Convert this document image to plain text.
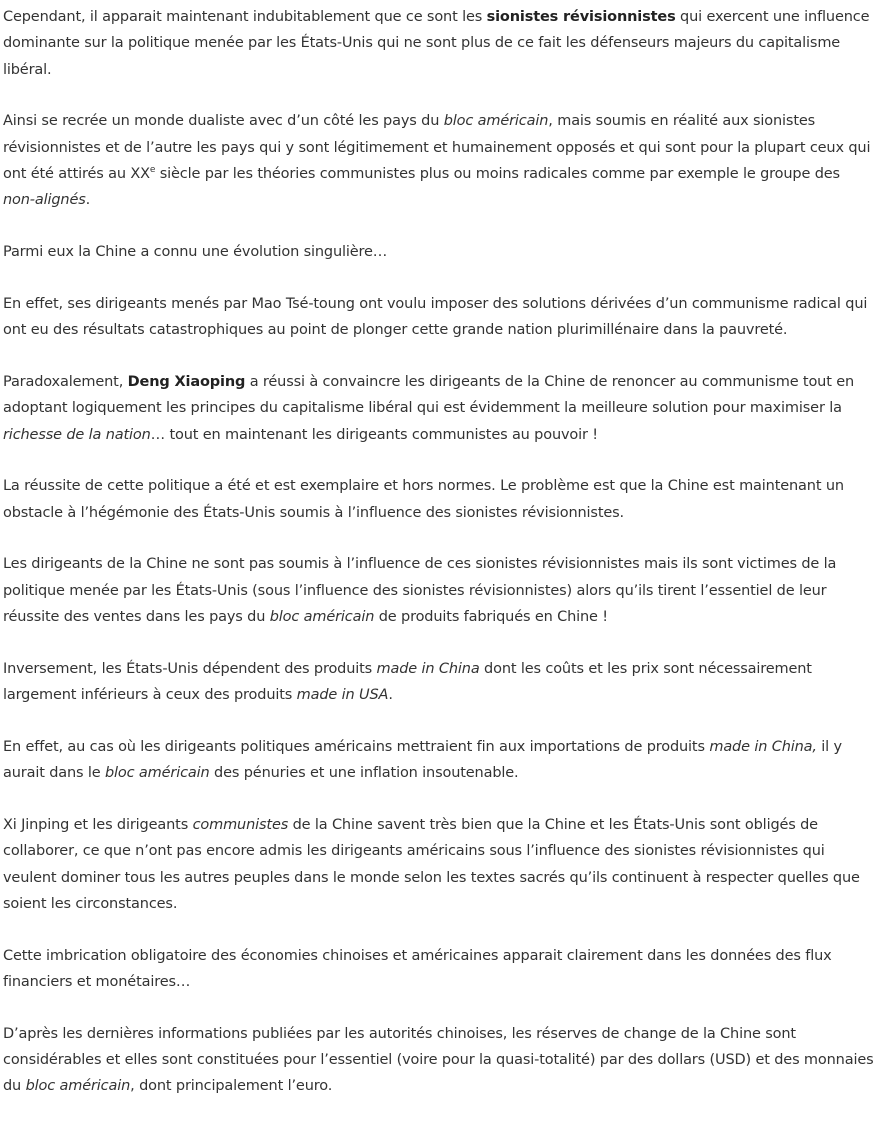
Cependant, il apparait maintenant indubitablement que ce sont les sionistes révisionnistes qui exercent une influence dominante sur la politique menée par les États-Unis qui ne sont plus de ce fait les défenseurs majeurs du capitalisme libéral.

Ainsi se recrée un monde dualiste avec d’un côté les pays du bloc américain, mais soumis en réalité aux sionistes révisionnistes et de l’autre les pays qui y sont légitimement et humainement opposés et qui sont pour la plupart ceux qui ont été attirés au XXe siècle par les théories communistes plus ou moins radicales comme par exemple le groupe des non-alignés.

Parmi eux la Chine a connu une évolution singulière…

En effet, ses dirigeants menés par Mao Tsé-toung ont voulu imposer des solutions dérivées d’un communisme radical qui ont eu des résultats catastrophiques au point de plonger cette grande nation plurimillénaire dans la pauvreté.

Paradoxalement, Deng Xiaoping a réussi à convaincre les dirigeants de la Chine de renoncer au communisme tout en adoptant logiquement les principes du capitalisme libéral qui est évidemment la meilleure solution pour maximiser la richesse de la nation… tout en maintenant les dirigeants communistes au pouvoir !

La réussite de cette politique a été et est exemplaire et hors normes. Le problème est que la Chine est maintenant un obstacle à l’hégémonie des États-Unis soumis à l’influence des sionistes révisionnistes.

Les dirigeants de la Chine ne sont pas soumis à l’influence de ces sionistes révisionnistes mais ils sont victimes de la politique menée par les États-Unis (sous l’influence des sionistes révisionnistes) alors qu’ils tirent l’essentiel de leur réussite des ventes dans les pays du bloc américain de produits fabriqués en Chine !

Inversement, les États-Unis dépendent des produits made in China dont les coûts et les prix sont nécessairement largement inférieurs à ceux des produits made in USA.

En effet, au cas où les dirigeants politiques américains mettraient fin aux importations de produits made in China, il y aurait dans le bloc américain des pénuries et une inflation insoutenable.

Xi Jinping et les dirigeants communistes de la Chine savent très bien que la Chine et les États-Unis sont obligés de collaborer, ce que n’ont pas encore admis les dirigeants américains sous l’influence des sionistes révisionnistes qui veulent dominer tous les autres peuples dans le monde selon les textes sacrés qu’ils continuent à respecter quelles que soient les circonstances.

Cette imbrication obligatoire des économies chinoises et américaines apparait clairement dans les données des flux financiers et monétaires…

D’après les dernières informations publiées par les autorités chinoises, les réserves de change de la Chine sont considérables et elles sont constituées pour l’essentiel (voire pour la quasi-totalité) par des dollars (USD) et des monnaies du bloc américain, dont principalement l’euro.
